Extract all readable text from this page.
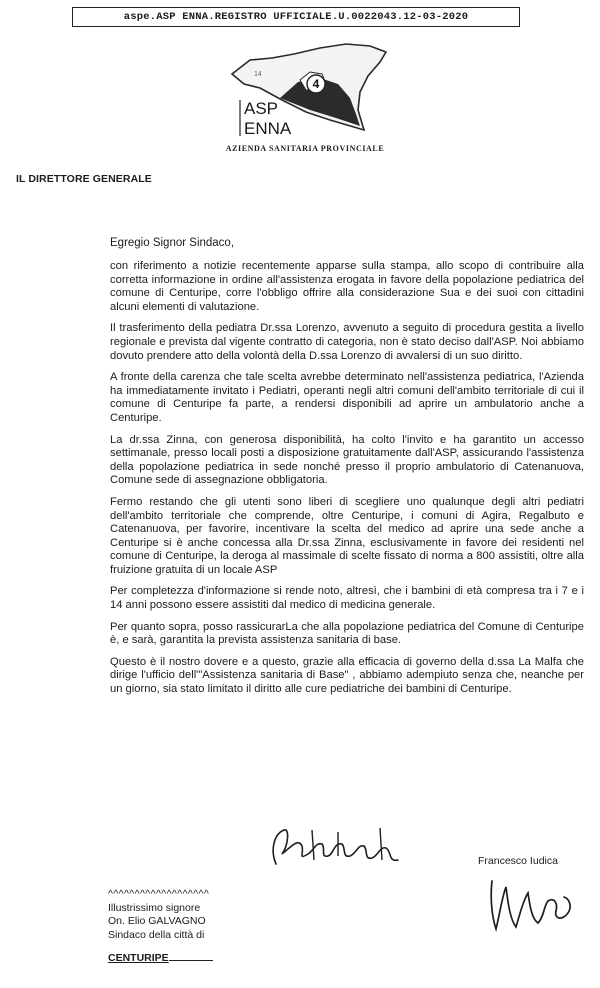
aspe.ASP ENNA.REGISTRO UFFICIALE.U.0022043.12-03-2020
4
14
ASP
ENNA
AZIENDA SANITARIA PROVINCIALE
IL DIRETTORE GENERALE

Egregio Signor Sindaco,

con riferimento a notizie recentemente apparse sulla stampa, allo scopo di contribuire alla corretta informazione in ordine all'assistenza erogata in favore della popolazione pediatrica del comune di Centuripe, corre l'obbligo offrire alla considerazione Sua e dei suoi con cittadini alcuni elementi di valutazione.

Il trasferimento della pediatra Dr.ssa Lorenzo, avvenuto a seguito di procedura gestita a livello regionale e prevista dal vigente contratto di categoria, non è stato deciso dall'ASP. Noi abbiamo dovuto prendere atto della volontà della D.ssa Lorenzo di avvalersi di un suo diritto.

A fronte della carenza che tale scelta avrebbe determinato nell'assistenza pediatrica, l'Azienda ha immediatamente invitato i Pediatri, operanti negli altri comuni dell'ambito territoriale di cui il comune di Centuripe fa parte, a rendersi disponibili ad aprire un ambulatorio anche a Centuripe.

La dr.ssa Zinna, con generosa disponibilità, ha colto l'invito e ha garantito un accesso settimanale, presso locali posti a disposizione gratuitamente dall'ASP, assicurando l'assistenza della popolazione pediatrica in sede nonché presso il proprio ambulatorio di Catenanuova, Comune sede di assegnazione obbligatoria.

Fermo restando che gli utenti sono liberi di scegliere uno qualunque degli altri pediatri dell'ambito territoriale che comprende, oltre Centuripe, i comuni di Agira, Regalbuto e Catenanuova, per favorire, incentivare la scelta del medico ad aprire una sede anche a Centuripe si è anche concessa alla Dr.ssa Zinna, esclusivamente in favore dei residenti nel comune di Centuripe, la deroga al massimale di scelte fissato di norma a 800 assistiti, oltre alla fruizione gratuita di un locale ASP

Per completezza d'informazione si rende noto, altresì, che i bambini di età compresa tra i 7 e i 14 anni possono essere assistiti dal medico di medicina generale.

Per quanto sopra, posso rassicurarLa che alla popolazione pediatrica del Comune di Centuripe è, e sarà, garantita la prevista assistenza sanitaria di base.

Questo è il nostro dovere e a questo, grazie alla efficacia di governo della d.ssa La Malfa che dirige l'ufficio dell'"Assistenza sanitaria di Base" , abbiamo adempiuto senza che, neanche per un giorno, sia stato limitato il diritto alle cure pediatriche dei bambini di Centuripe.

Francesco Iudica
^^^^^^^^^^^^^^^^^^^
Illustrissimo signore
On. Elio GALVAGNO
Sindaco della città di
CENTURIPE
